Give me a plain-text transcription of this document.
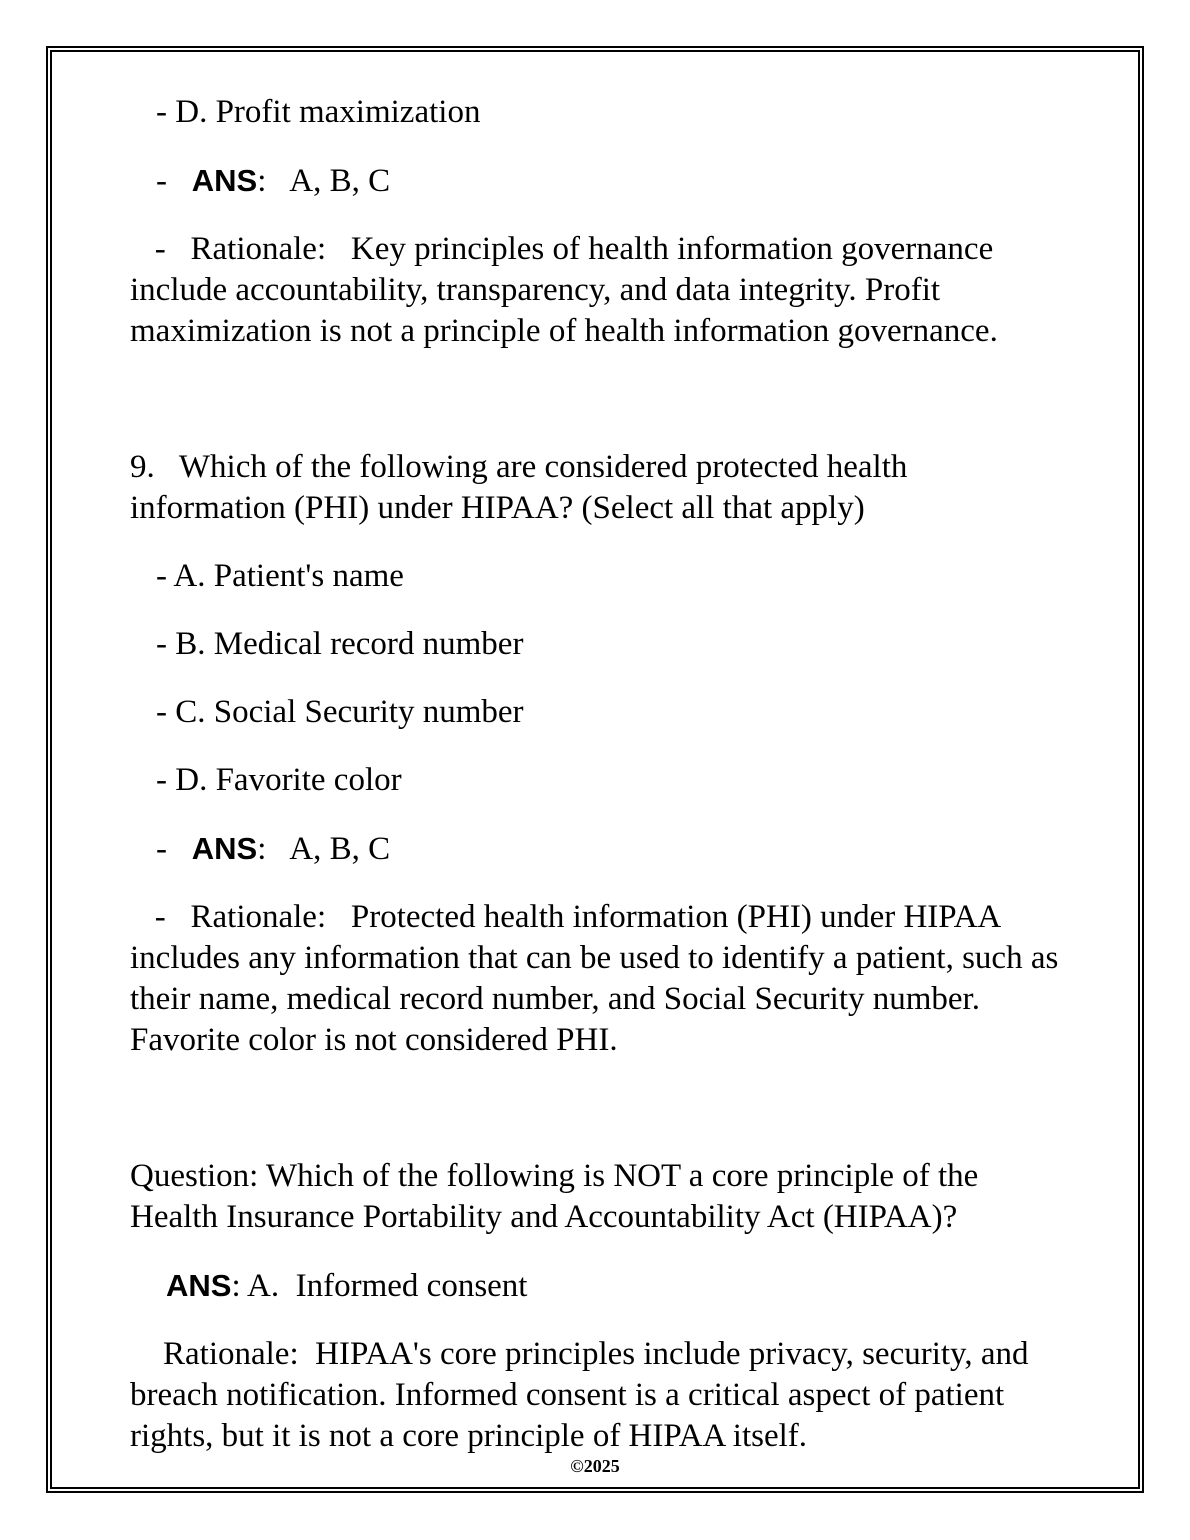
- D. Profit maximization

-   ANS:   A, B, C

-   Rationale:   Key principles of health information governance include accountability, transparency, and data integrity. Profit maximization is not a principle of health information governance.

9.   Which of the following are considered protected health information (PHI) under HIPAA? (Select all that apply)

- A. Patient's name

- B. Medical record number

- C. Social Security number

- D. Favorite color

-   ANS:   A, B, C

-   Rationale:   Protected health information (PHI) under HIPAA includes any information that can be used to identify a patient, such as their name, medical record number, and Social Security number. Favorite color is not considered PHI.

Question: Which of the following is NOT a core principle of the Health Insurance Portability and Accountability Act (HIPAA)?

ANS: A.  Informed consent

Rationale:  HIPAA's core principles include privacy, security, and breach notification. Informed consent is a critical aspect of patient rights, but it is not a core principle of HIPAA itself.

©2025
